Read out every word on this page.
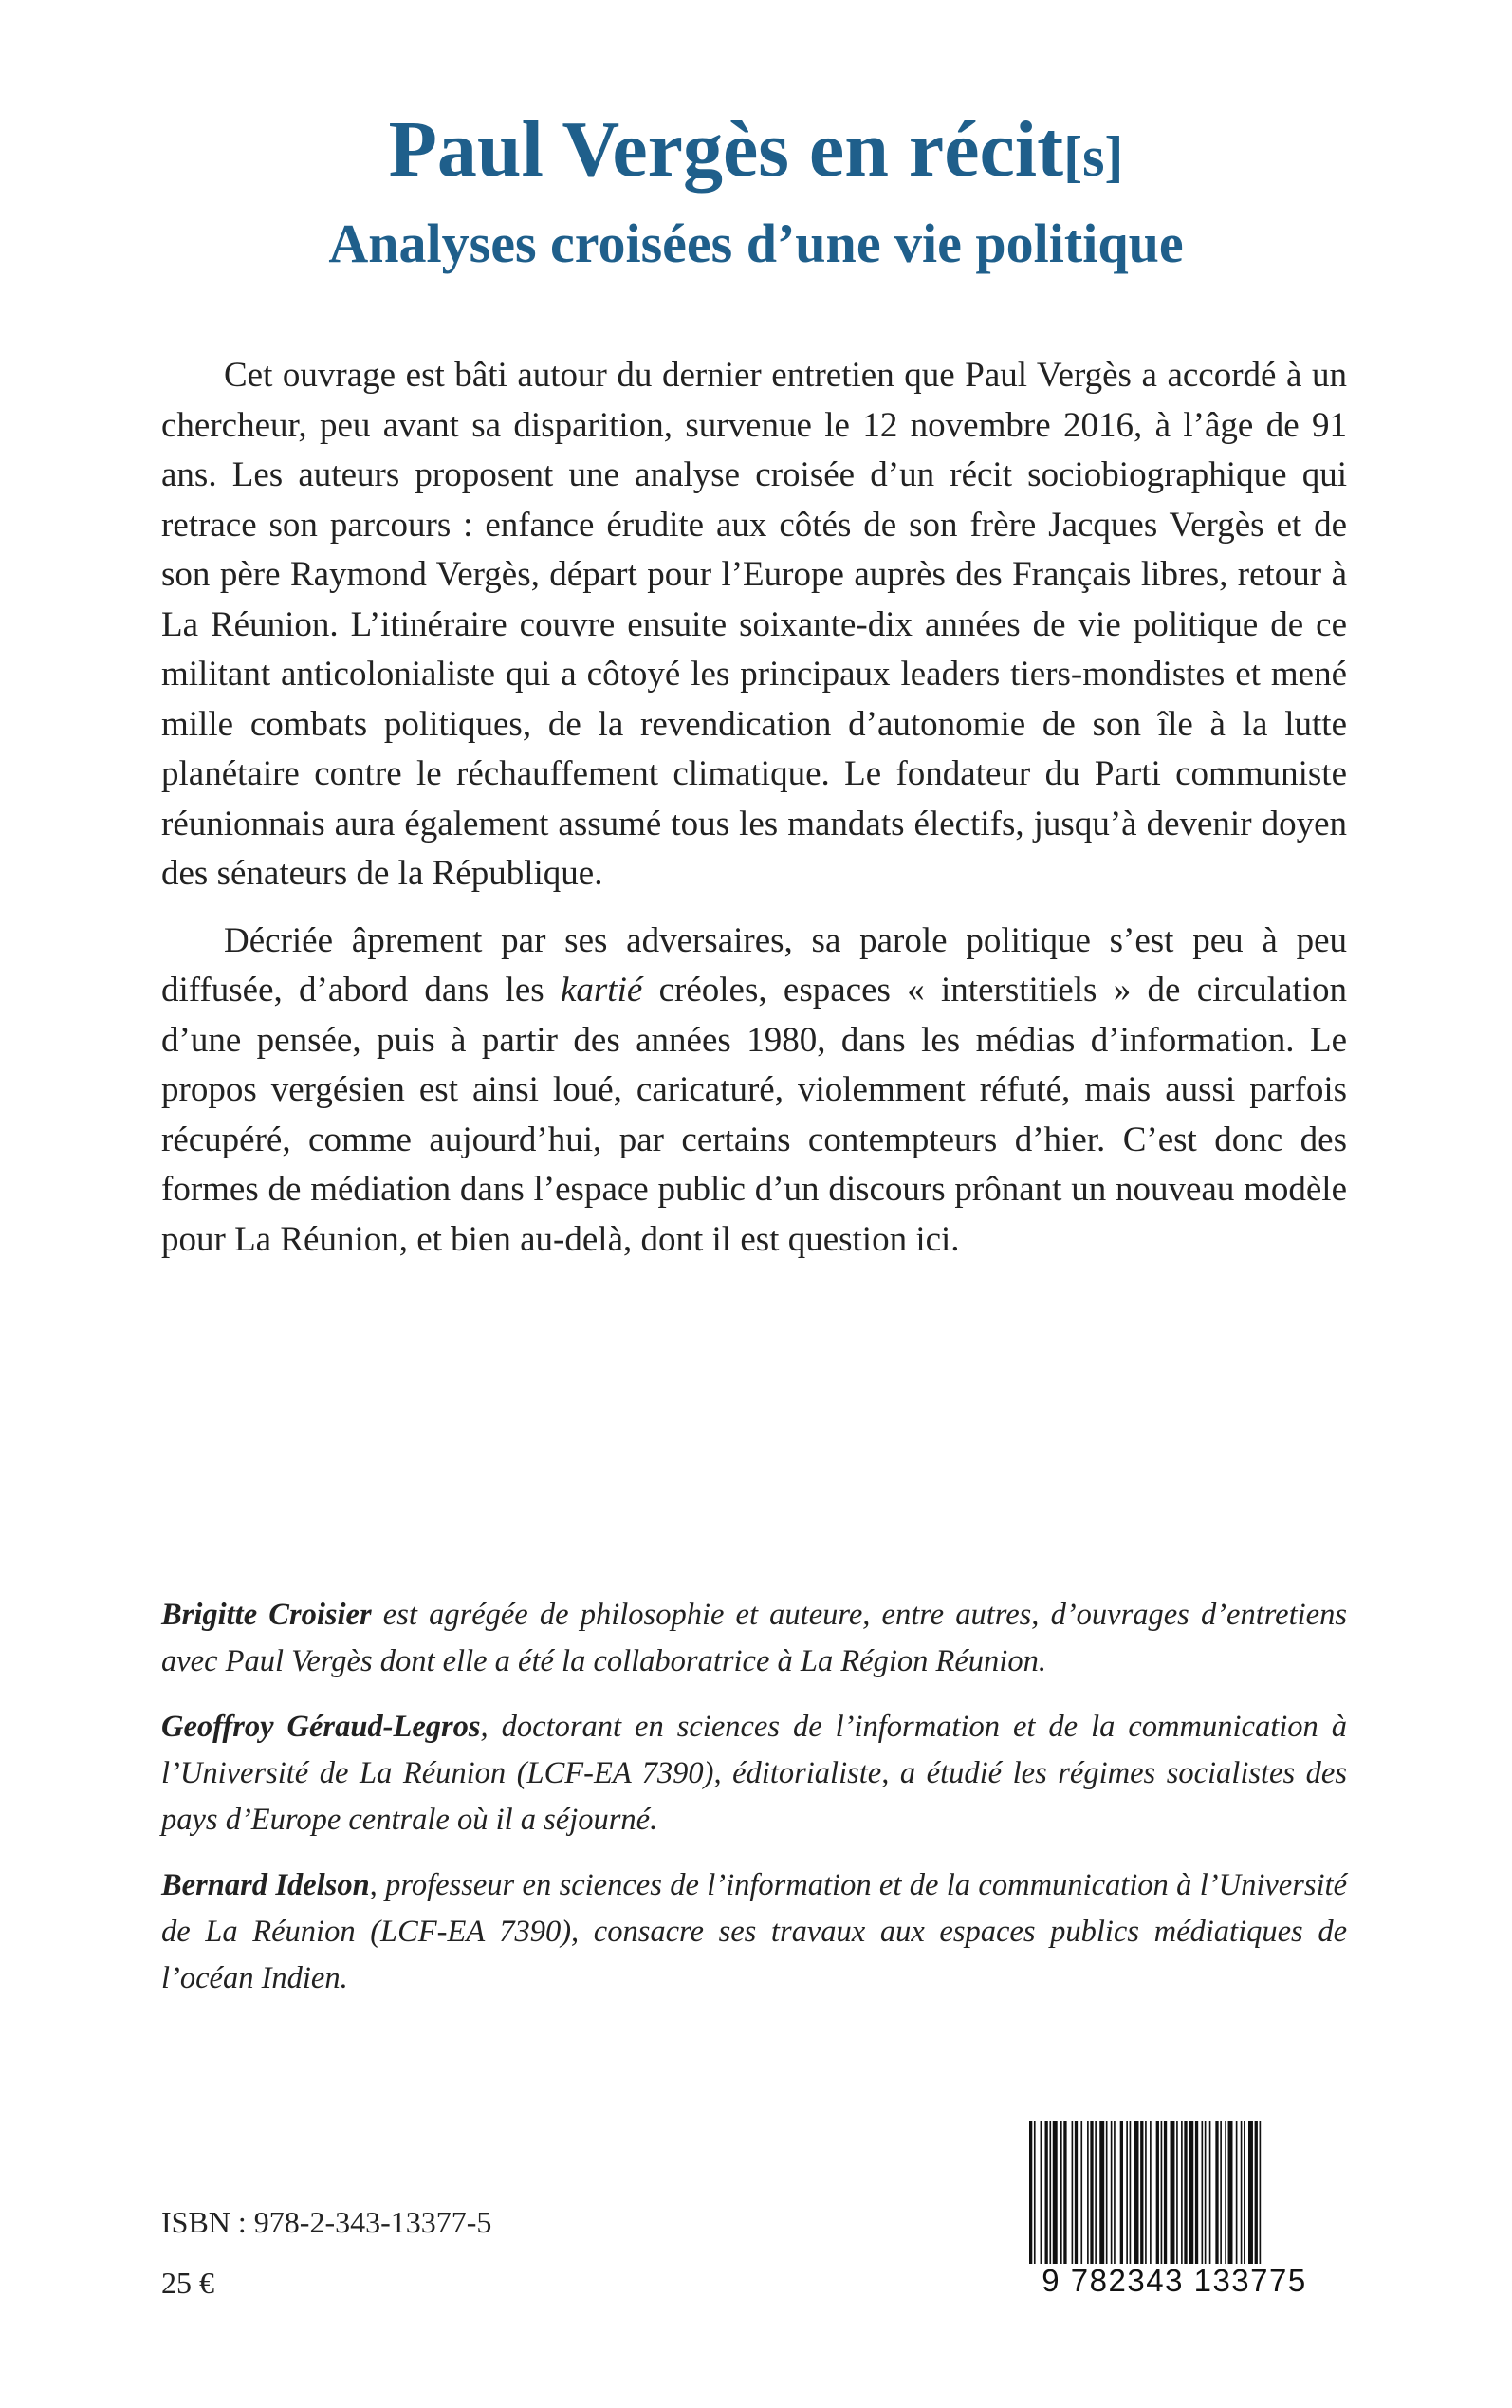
Paul Vergès en récit[s]
Analyses croisées d’une vie politique

Cet ouvrage est bâti autour du dernier entretien que Paul Vergès a accordé à un chercheur, peu avant sa disparition, survenue le 12 novembre 2016, à l’âge de 91 ans. Les auteurs proposent une analyse croisée d’un récit sociobiographique qui retrace son parcours : enfance érudite aux côtés de son frère Jacques Vergès et de son père Raymond Vergès, départ pour l’Europe auprès des Français libres, retour à La Réunion. L’itinéraire couvre ensuite soixante-dix années de vie politique de ce militant anticolonialiste qui a côtoyé les principaux leaders tiers-mondistes et mené mille combats politiques, de la revendication d’autonomie de son île à la lutte planétaire contre le réchauffement climatique. Le fondateur du Parti communiste réunionnais aura également assumé tous les mandats électifs, jusqu’à devenir doyen des sénateurs de la République.

Décriée âprement par ses adversaires, sa parole politique s’est peu à peu diffusée, d’abord dans les kartié créoles, espaces « interstitiels » de circulation d’une pensée, puis à partir des années 1980, dans les médias d’information. Le propos vergésien est ainsi loué, caricaturé, violemment réfuté, mais aussi parfois récupéré, comme aujourd’hui, par certains contempteurs d’hier. C’est donc des formes de médiation dans l’espace public d’un discours prônant un nouveau modèle pour La Réunion, et bien au-delà, dont il est question ici.

Brigitte Croisier est agrégée de philosophie et auteure, entre autres, d’ouvrages d’entretiens avec Paul Vergès dont elle a été la collaboratrice à La Région Réunion.

Geoffroy Géraud-Legros, doctorant en sciences de l’information et de la communication à l’Université de La Réunion (LCF-EA 7390), éditorialiste, a étudié les régimes socialistes des pays d’Europe centrale où il a séjourné.

Bernard Idelson, professeur en sciences de l’information et de la communication à l’Université de La Réunion (LCF-EA 7390), consacre ses travaux aux espaces publics médiatiques de l’océan Indien.

ISBN : 978-2-343-13377-5
25 €	9 782343 133775
